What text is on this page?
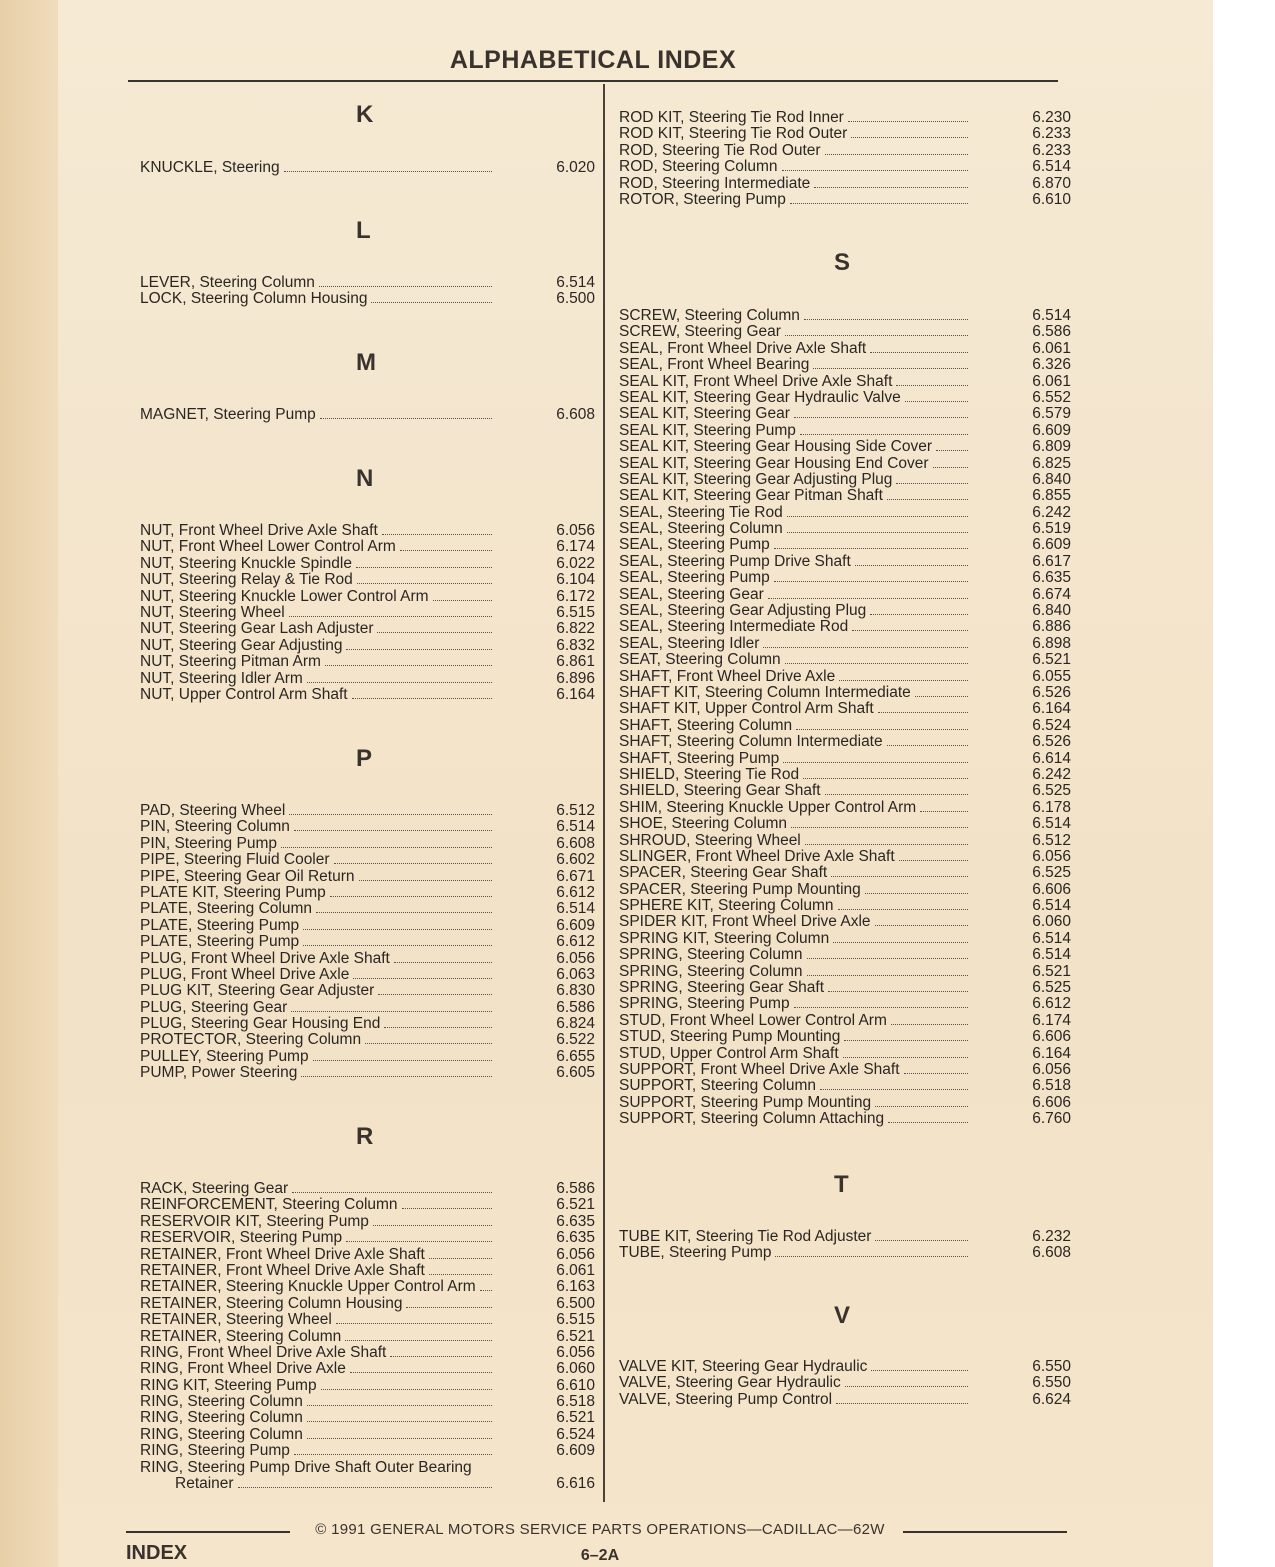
ALPHABETICAL INDEX
K
KNUCKLE, Steering	6.020
L
LEVER, Steering Column	6.514
LOCK, Steering Column Housing	6.500
M
MAGNET, Steering Pump	6.608
N
NUT, Front Wheel Drive Axle Shaft	6.056
NUT, Front Wheel Lower Control Arm	6.174
NUT, Steering Knuckle Spindle	6.022
NUT, Steering Relay & Tie Rod	6.104
NUT, Steering Knuckle Lower Control Arm	6.172
NUT, Steering Wheel	6.515
NUT, Steering Gear Lash Adjuster	6.822
NUT, Steering Gear Adjusting	6.832
NUT, Steering Pitman Arm	6.861
NUT, Steering Idler Arm	6.896
NUT, Upper Control Arm Shaft	6.164
P
PAD, Steering Wheel	6.512
PIN, Steering Column	6.514
PIN, Steering Pump	6.608
PIPE, Steering Fluid Cooler	6.602
PIPE, Steering Gear Oil Return	6.671
PLATE KIT, Steering Pump	6.612
PLATE, Steering Column	6.514
PLATE, Steering Pump	6.609
PLATE, Steering Pump	6.612
PLUG, Front Wheel Drive Axle Shaft	6.056
PLUG, Front Wheel Drive Axle	6.063
PLUG KIT, Steering Gear Adjuster	6.830
PLUG, Steering Gear	6.586
PLUG, Steering Gear Housing End	6.824
PROTECTOR, Steering Column	6.522
PULLEY, Steering Pump	6.655
PUMP, Power Steering	6.605
R
RACK, Steering Gear	6.586
REINFORCEMENT, Steering Column	6.521
RESERVOIR KIT, Steering Pump	6.635
RESERVOIR, Steering Pump	6.635
RETAINER, Front Wheel Drive Axle Shaft	6.056
RETAINER, Front Wheel Drive Axle Shaft	6.061
RETAINER, Steering Knuckle Upper Control Arm	6.163
RETAINER, Steering Column Housing	6.500
RETAINER, Steering Wheel	6.515
RETAINER, Steering Column	6.521
RING, Front Wheel Drive Axle Shaft	6.056
RING, Front Wheel Drive Axle	6.060
RING KIT, Steering Pump	6.610
RING, Steering Column	6.518
RING, Steering Column	6.521
RING, Steering Column	6.524
RING, Steering Pump	6.609
RING, Steering Pump Drive Shaft Outer Bearing
Retainer	6.616
ROD KIT, Steering Tie Rod Inner	6.230
ROD KIT, Steering Tie Rod Outer	6.233
ROD, Steering Tie Rod Outer	6.233
ROD, Steering Column	6.514
ROD, Steering Intermediate	6.870
ROTOR, Steering Pump	6.610
S
SCREW, Steering Column	6.514
SCREW, Steering Gear	6.586
SEAL, Front Wheel Drive Axle Shaft	6.061
SEAL, Front Wheel Bearing	6.326
SEAL KIT, Front Wheel Drive Axle Shaft	6.061
SEAL KIT, Steering Gear Hydraulic Valve	6.552
SEAL KIT, Steering Gear	6.579
SEAL KIT, Steering Pump	6.609
SEAL KIT, Steering Gear Housing Side Cover	6.809
SEAL KIT, Steering Gear Housing End Cover	6.825
SEAL KIT, Steering Gear Adjusting Plug	6.840
SEAL KIT, Steering Gear Pitman Shaft	6.855
SEAL, Steering Tie Rod	6.242
SEAL, Steering Column	6.519
SEAL, Steering Pump	6.609
SEAL, Steering Pump Drive Shaft	6.617
SEAL, Steering Pump	6.635
SEAL, Steering Gear	6.674
SEAL, Steering Gear Adjusting Plug	6.840
SEAL, Steering Intermediate Rod	6.886
SEAL, Steering Idler	6.898
SEAT, Steering Column	6.521
SHAFT, Front Wheel Drive Axle	6.055
SHAFT KIT, Steering Column Intermediate	6.526
SHAFT KIT, Upper Control Arm Shaft	6.164
SHAFT, Steering Column	6.524
SHAFT, Steering Column Intermediate	6.526
SHAFT, Steering Pump	6.614
SHIELD, Steering Tie Rod	6.242
SHIELD, Steering Gear Shaft	6.525
SHIM, Steering Knuckle Upper Control Arm	6.178
SHOE, Steering Column	6.514
SHROUD, Steering Wheel	6.512
SLINGER, Front Wheel Drive Axle Shaft	6.056
SPACER, Steering Gear Shaft	6.525
SPACER, Steering Pump Mounting	6.606
SPHERE KIT, Steering Column	6.514
SPIDER KIT, Front Wheel Drive Axle	6.060
SPRING KIT, Steering Column	6.514
SPRING, Steering Column	6.514
SPRING, Steering Column	6.521
SPRING, Steering Gear Shaft	6.525
SPRING, Steering Pump	6.612
STUD, Front Wheel Lower Control Arm	6.174
STUD, Steering Pump Mounting	6.606
STUD, Upper Control Arm Shaft	6.164
SUPPORT, Front Wheel Drive Axle Shaft	6.056
SUPPORT, Steering Column	6.518
SUPPORT, Steering Pump Mounting	6.606
SUPPORT, Steering Column Attaching	6.760
T
TUBE KIT, Steering Tie Rod Adjuster	6.232
TUBE, Steering Pump	6.608
V
VALVE KIT, Steering Gear Hydraulic	6.550
VALVE, Steering Gear Hydraulic	6.550
VALVE, Steering Pump Control	6.624
© 1991 GENERAL MOTORS SERVICE PARTS OPERATIONS—CADILLAC—62W
INDEX	6–2A
